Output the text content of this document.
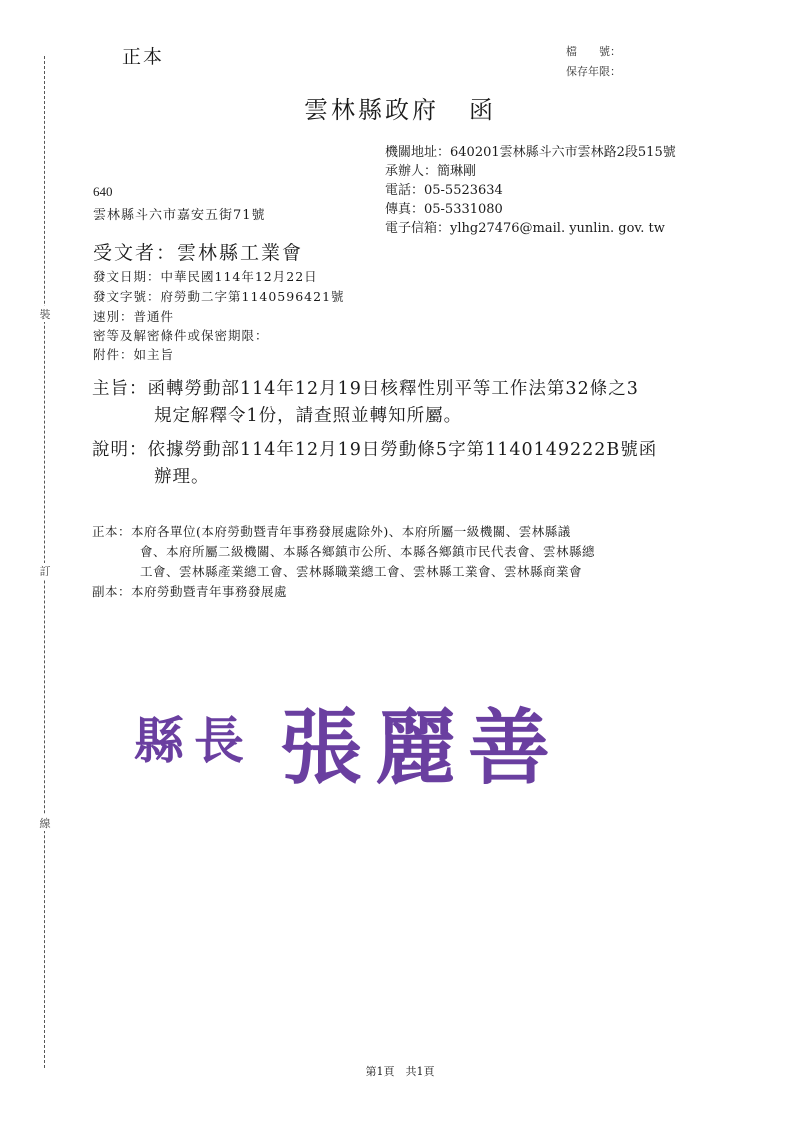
裝
訂
線
正本	檔　　號：
保存年限：
雲林縣政府 函
機關地址：640201雲林縣斗六市雲林路2段515號
承辦人：簡琳剛
電話：05-5523634
傳真：05-5331080
電子信箱：ylhg27476@mail. yunlin. gov. tw
640
雲林縣斗六市嘉安五街71號
受文者：雲林縣工業會
發文日期：中華民國114年12月22日
發文字號：府勞動二字第1140596421號
速別：普通件
密等及解密條件或保密期限：
附件：如主旨
主旨：函轉勞動部114年12月19日核釋性別平等工作法第32條之3
規定解釋令1份，請查照並轉知所屬。
說明：依據勞動部114年12月19日勞動條5字第1140149222B號函
辦理。
正本：本府各單位(本府勞動暨青年事務發展處除外)、本府所屬一級機關、雲林縣議
會、本府所屬二級機關、本縣各鄉鎮市公所、本縣各鄉鎮市民代表會、雲林縣總
工會、雲林縣產業總工會、雲林縣職業總工會、雲林縣工業會、雲林縣商業會
副本：本府勞動暨青年事務發展處
縣 長 張 麗 善
第1頁　共1頁
